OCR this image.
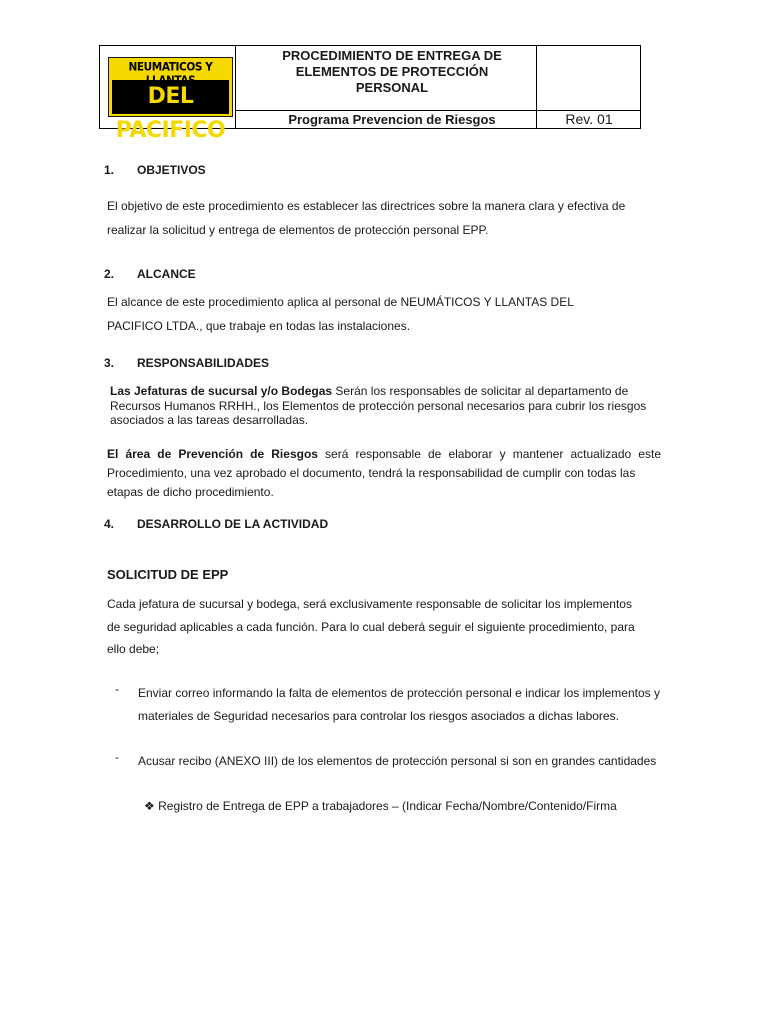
NEUMATICOS Y
DEL PACIFICO
PROCEDIMIENTO DE ENTREGA DE
ELEMENTOS DE PROTECCIÓN
PERSONAL
Programa Prevencion de Riesgos	Rev. 01
1. OBJETIVOS
El objetivo de este procedimiento es establecer las directrices sobre la manera clara y efectiva de
realizar la solicitud y entrega de elementos de protección personal EPP.
2. ALCANCE
El alcance de este procedimiento aplica al personal de NEUMÁTICOS Y LLANTAS DEL
PACIFICO LTDA., que trabaje en todas las instalaciones.
3. RESPONSABILIDADES
Las Jefaturas de sucursal y/o Bodegas Serán los responsables de solicitar al departamento de
Recursos Humanos RRHH., los Elementos de protección personal necesarios para cubrir los riesgos
asociados a las tareas desarrolladas.
El área de Prevención de Riesgos será responsable de elaborar y mantener actualizado este
Procedimiento, una vez aprobado el documento, tendrá la responsabilidad de cumplir con todas las
etapas de dicho procedimiento.
4. DESARROLLO DE LA ACTIVIDAD
SOLICITUD DE EPP
Cada jefatura de sucursal y bodega, será exclusivamente responsable de solicitar los implementos
de seguridad aplicables a cada función. Para lo cual deberá seguir el siguiente procedimiento, para
ello debe;
- Enviar correo informando la falta de elementos de protección personal e indicar los implementos y materiales de Seguridad necesarios para controlar los riesgos asociados a dichas labores.
- Acusar recibo (ANEXO III) de los elementos de protección personal si son en grandes cantidades
❖ Registro de Entrega de EPP a trabajadores – (Indicar Fecha/Nombre/Contenido/Firma
